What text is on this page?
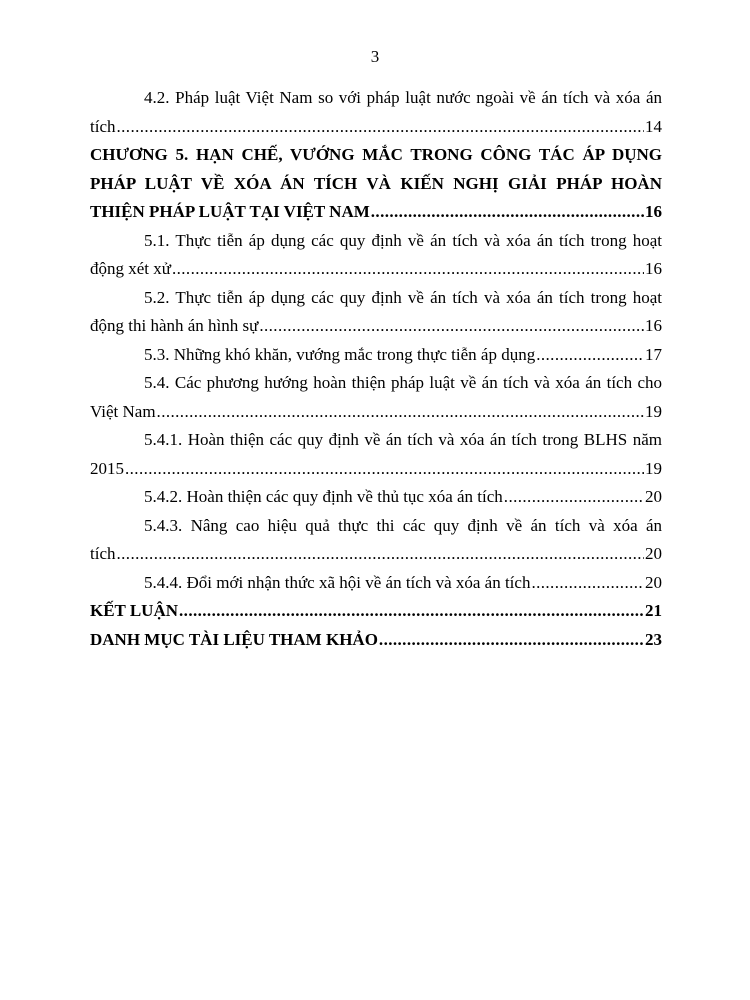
3
4.2. Pháp luật Việt Nam so với pháp luật nước ngoài về án tích và xóa án
tích .....	14
CHƯƠNG 5. HẠN CHẾ, VƯỚNG MẮC TRONG CÔNG TÁC ÁP DỤNG
PHÁP LUẬT VỀ XÓA ÁN TÍCH VÀ KIẾN NGHỊ GIẢI PHÁP HOÀN
THIỆN PHÁP LUẬT TẠI VIỆT NAM .....	16
5.1. Thực tiễn áp dụng các quy định về án tích và xóa án tích trong hoạt
động xét xử .....	16
5.2. Thực tiễn áp dụng các quy định về án tích và xóa án tích trong hoạt
động thi hành án hình sự .....	16
5.3. Những khó khăn, vướng mắc trong thực tiễn áp dụng .....	17
5.4. Các phương hướng hoàn thiện pháp luật về án tích và xóa án tích cho
Việt Nam .....	19
5.4.1. Hoàn thiện các quy định về án tích và xóa án tích trong BLHS năm
2015 .....	19
5.4.2. Hoàn thiện các quy định về thủ tục xóa án tích .....	20
5.4.3. Nâng cao hiệu quả thực thi các quy định về án tích và xóa án
tích .....	20
5.4.4. Đổi mới nhận thức xã hội về án tích và xóa án tích .....	20
KẾT LUẬN .....	21
DANH MỤC TÀI LIỆU THAM KHẢO .....	23
